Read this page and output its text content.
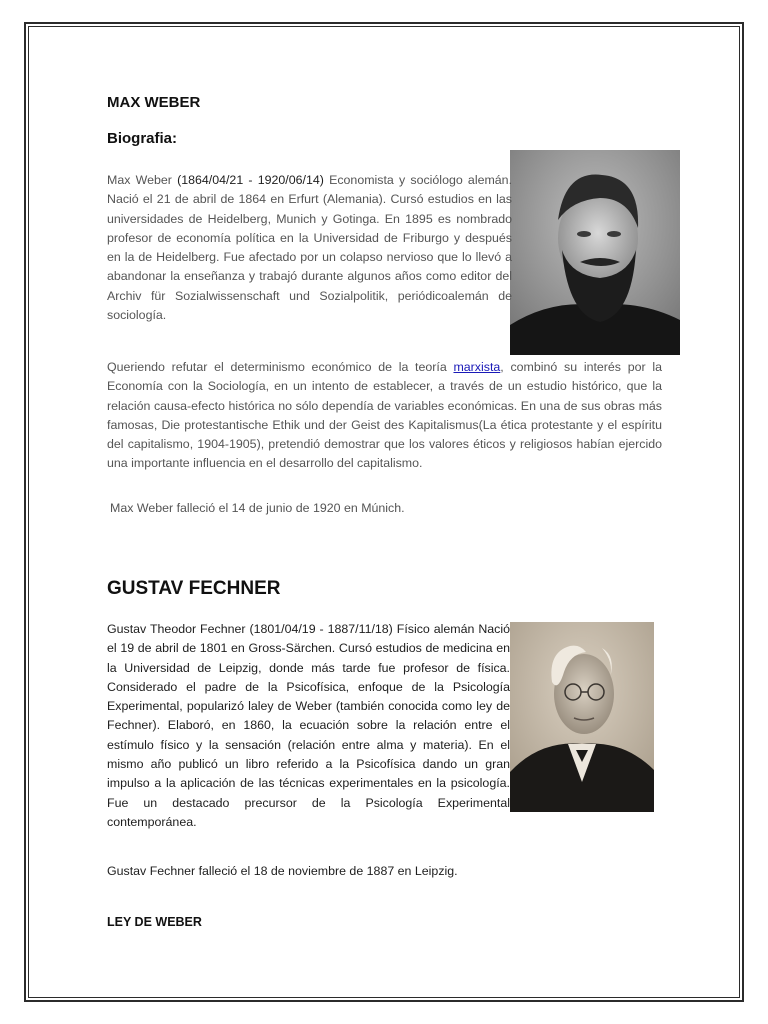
MAX WEBER
Biografia:

Max Weber (1864/04/21 - 1920/06/14) Economista y sociólogo alemán. Nació el 21 de abril de 1864 en Erfurt (Alemania). Cursó estudios en las universidades de Heidelberg, Munich y Gotinga. En 1895 es nombrado profesor de economía política en la Universidad de Friburgo y después en la de Heidelberg. Fue afectado por un colapso nervioso que lo llevó a abandonar la enseñanza y trabajó durante algunos años como editor del Archiv für Sozialwissenschaft und Sozialpolitik, periódicoalemán de sociología.

Queriendo refutar el determinismo económico de la teoría marxista, combinó su interés por la Economía con la Sociología, en un intento de establecer, a través de un estudio histórico, que la relación causa-efecto histórica no sólo dependía de variables económicas. En una de sus obras más famosas, Die protestantische Ethik und der Geist des Kapitalismus(La ética protestante y el espíritu del capitalismo, 1904-1905), pretendió demostrar que los valores éticos y religiosos habían ejercido una importante influencia en el desarrollo del capitalismo.

Max Weber falleció el 14 de junio de 1920 en Múnich.

GUSTAV FECHNER

Gustav Theodor Fechner (1801/04/19 - 1887/11/18) Físico alemán Nació el 19 de abril de 1801 en Gross-Särchen. Cursó estudios de medicina en la Universidad de Leipzig, donde más tarde fue profesor de física. Considerado el padre de la Psicofísica, enfoque de la Psicología Experimental, popularizó laley de Weber (también conocida como ley de Fechner). Elaboró, en 1860, la ecuación sobre la relación entre el estímulo físico y la sensación (relación entre alma y materia). En el mismo año publicó un libro referido a la Psicofísica dando un gran impulso a la aplicación de las técnicas experimentales en la psicología. Fue un destacado precursor de la Psicología Experimental contemporánea.

Gustav Fechner falleció el 18 de noviembre de 1887 en Leipzig.

LEY DE WEBER
